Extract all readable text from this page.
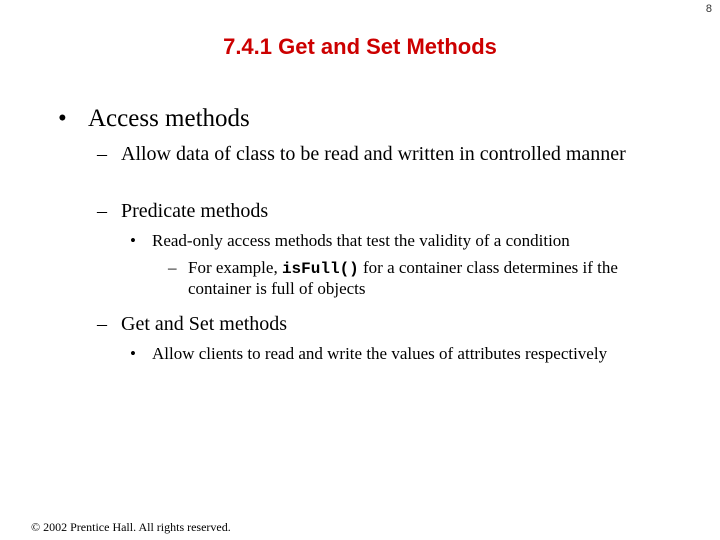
8
7.4.1 Get and Set Methods
• Access methods
– Allow data of class to be read and written in controlled manner
– Predicate methods
• Read-only access methods that test the validity of a condition
– For example, isFull() for a container class determines if the container is full of objects
– Get and Set methods
• Allow clients to read and write the values of attributes respectively
© 2002 Prentice Hall. All rights reserved.
